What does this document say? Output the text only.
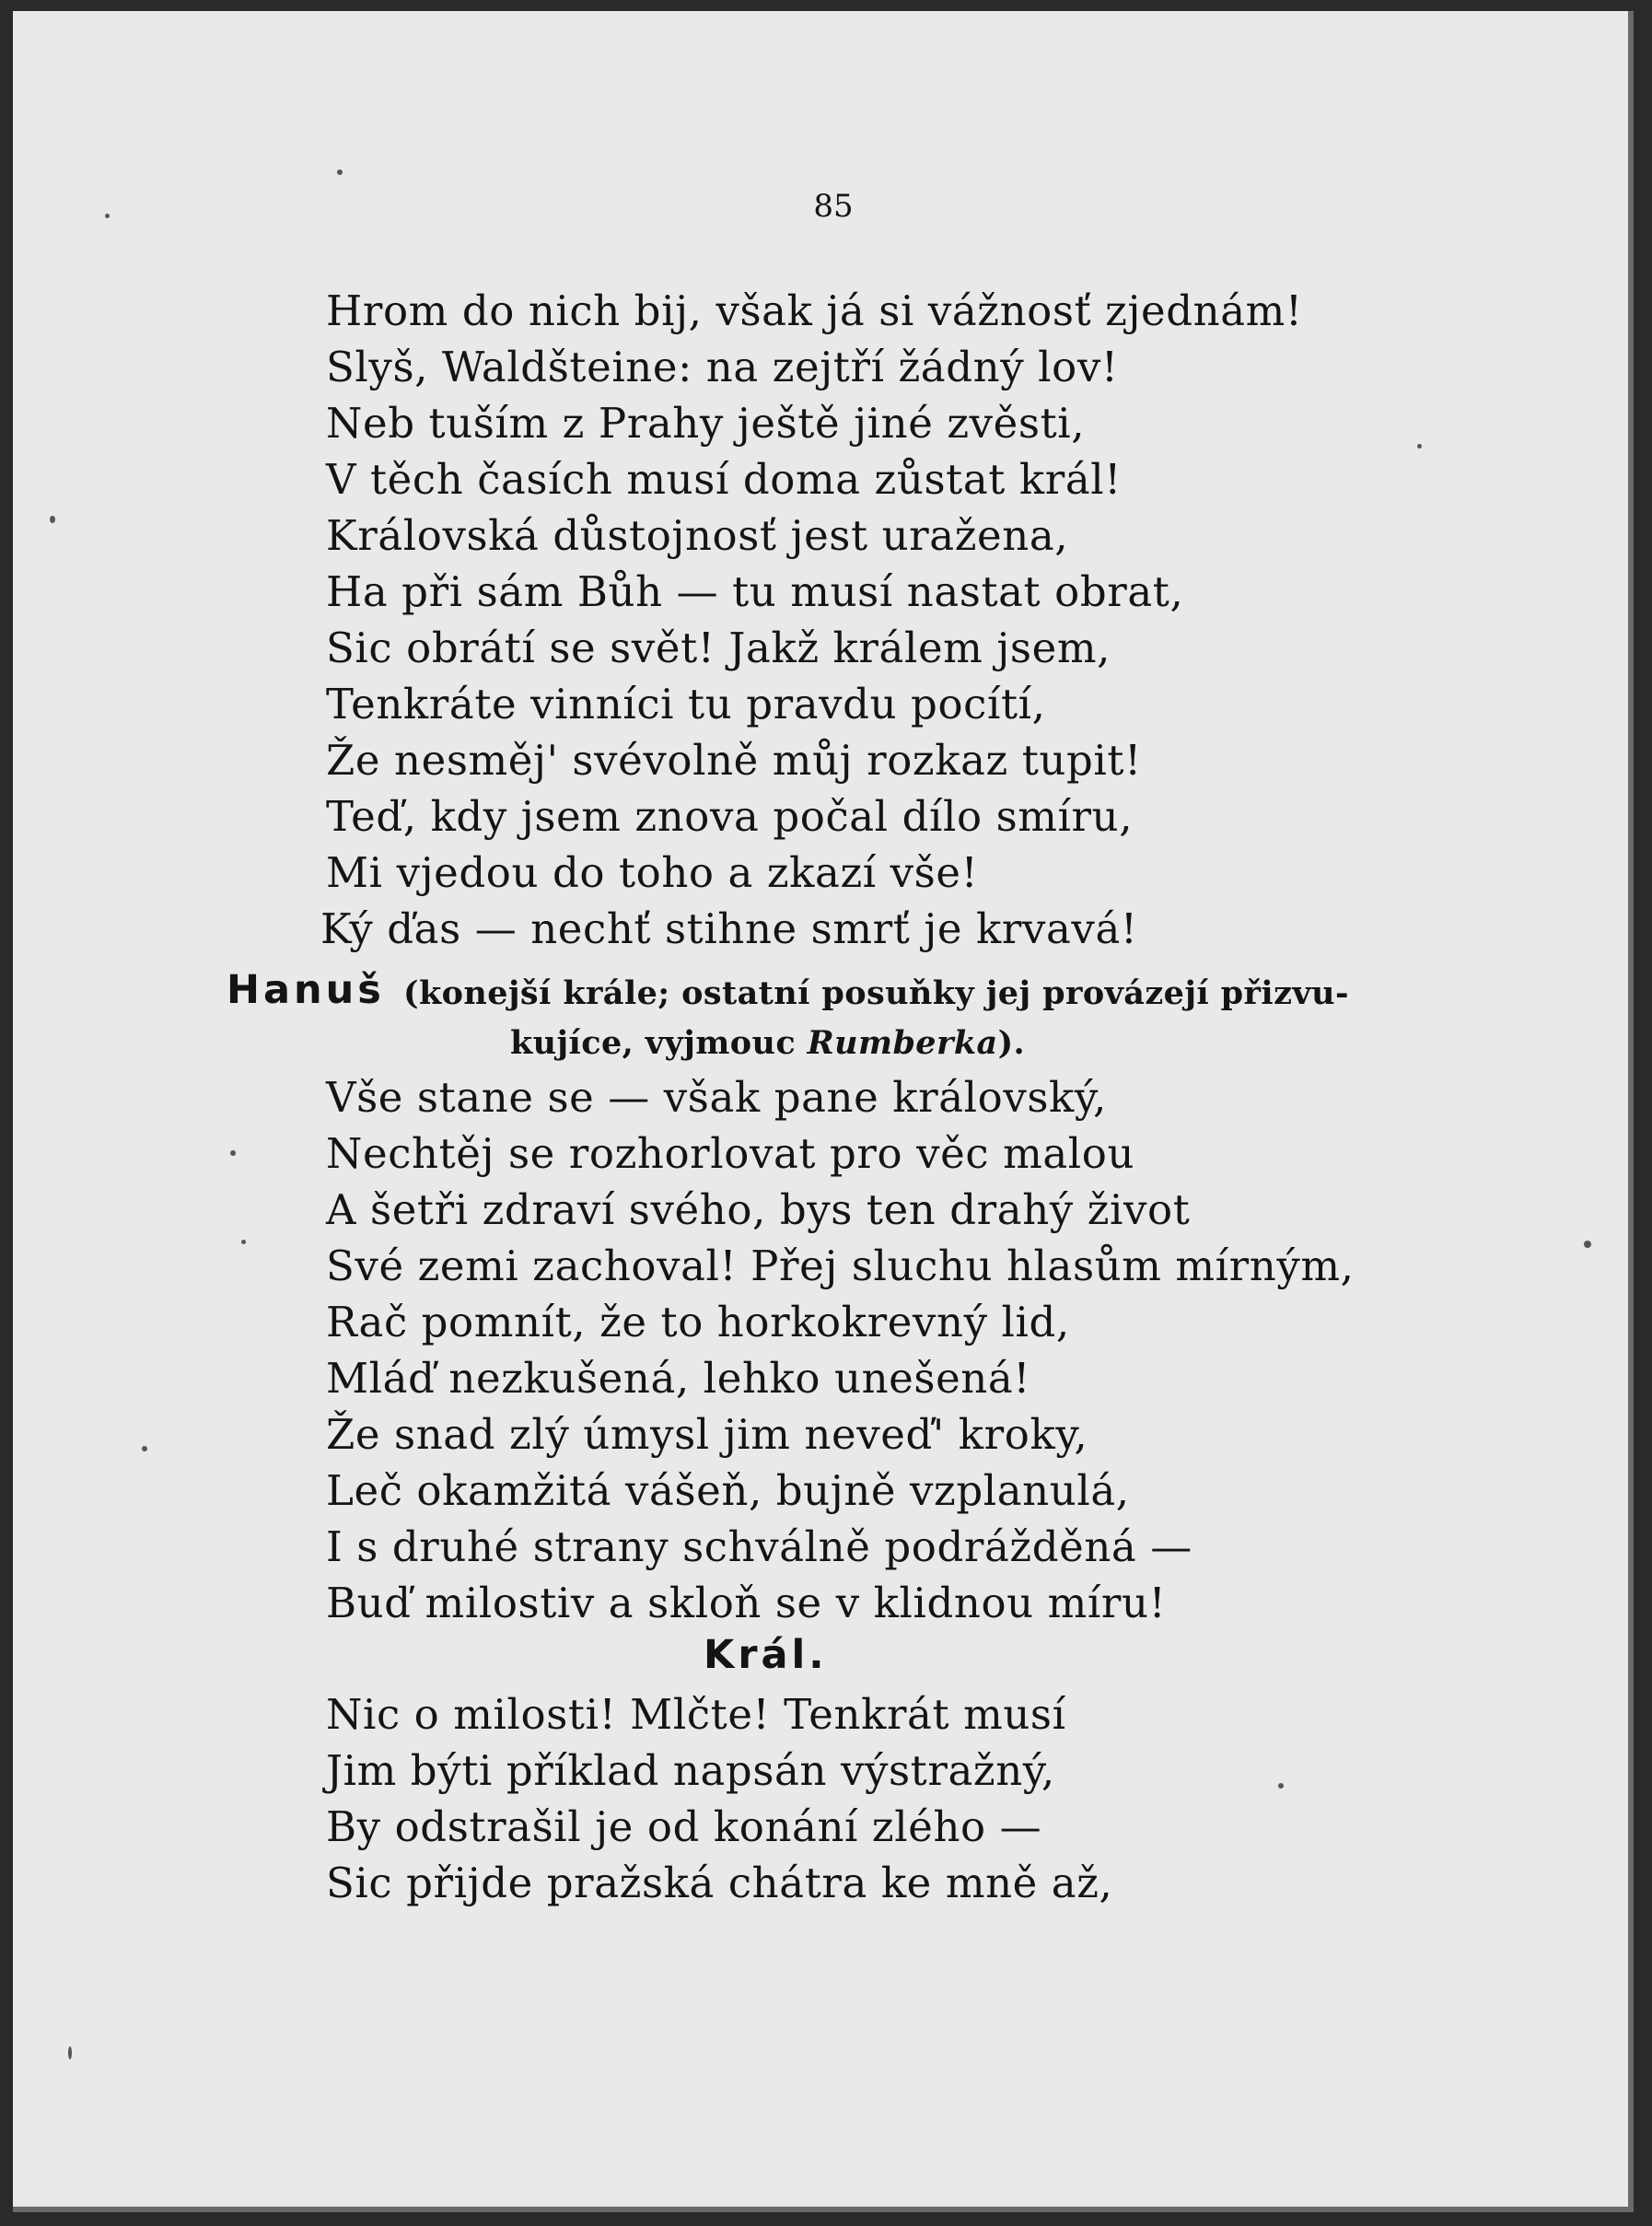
85
Hrom do nich bij, však já si vážnosť zjednám!
Slyš, Waldšteine: na zejtří žádný lov!
Neb tuším z Prahy ještě jiné zvěsti,
V těch časích musí doma zůstat král!
Královská důstojnosť jest uražena,
Ha při sám Bůh — tu musí nastat obrat,
Sic obrátí se svět! Jakž králem jsem,
Tenkráte vinníci tu pravdu pocítí,
Že nesměj' svévolně můj rozkaz tupit!
Teď, kdy jsem znova počal dílo smíru,
Mi vjedou do toho a zkazí vše!
Ký ďas — nechť stihne smrť je krvavá!
Hanuš (konejší krále; ostatní posuňky jej provázejí přizvu-
kujíce, vyjmouc Rumberka).
Vše stane se — však pane královský,
Nechtěj se rozhorlovat pro věc malou
A šetři zdraví svého, bys ten drahý život
Své zemi zachoval! Přej sluchu hlasům mírným,
Rač pomnít, že to horkokrevný lid,
Mláď nezkušená, lehko unešená!
Že snad zlý úmysl jim neveď' kroky,
Leč okamžitá vášeň, bujně vzplanulá,
I s druhé strany schválně podrážděná —
Buď milostiv a skloň se v klidnou míru!
Král.
Nic o milosti! Mlčte! Tenkrát musí
Jim býti příklad napsán výstražný,
By odstrašil je od konání zlého —
Sic přijde pražská chátra ke mně až,
